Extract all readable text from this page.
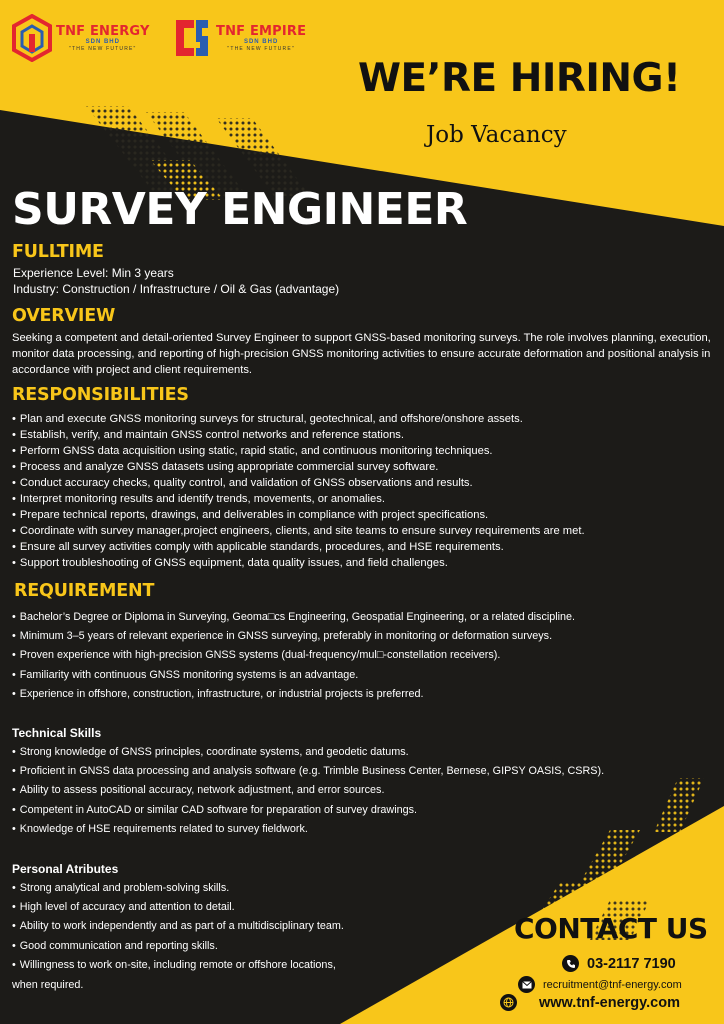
TNF ENERGY
SDN BHD
"THE NEW FUTURE"
TNF EMPIRE
SDN BHD
"THE NEW FUTURE"
WE’RE HIRING!
Job Vacancy
SURVEY ENGINEER
FULLTIME
Experience Level: Min 3 years
Industry: Construction / Infrastructure / Oil & Gas (advantage)
OVERVIEW
Seeking a competent and detail-oriented Survey Engineer to support GNSS-based monitoring surveys. The role involves planning, execution, monitor data processing, and reporting of high-precision GNSS monitoring activities to ensure accurate deformation and positional analysis in accordance with project and client requirements.
RESPONSIBILITIES
• Plan and execute GNSS monitoring surveys for structural, geotechnical, and offshore/onshore assets.
• Establish, verify, and maintain GNSS control networks and reference stations.
• Perform GNSS data acquisition using static, rapid static, and continuous monitoring techniques.
• Process and analyze GNSS datasets using appropriate commercial survey software.
• Conduct accuracy checks, quality control, and validation of GNSS observations and results.
• Interpret monitoring results and identify trends, movements, or anomalies.
• Prepare technical reports, drawings, and deliverables in compliance with project specifications.
• Coordinate with survey manager,project engineers, clients, and site teams to ensure survey requirements are met.
• Ensure all survey activities comply with applicable standards, procedures, and HSE requirements.
• Support troubleshooting of GNSS equipment, data quality issues, and field challenges.
REQUIREMENT
• Bachelor’s Degree or Diploma in Surveying, Geoma□cs Engineering, Geospatial Engineering, or a related discipline.
• Minimum 3–5 years of relevant experience in GNSS surveying, preferably in monitoring or deformation surveys.
• Proven experience with high-precision GNSS systems (dual-frequency/mul□-constellation receivers).
• Familiarity with continuous GNSS monitoring systems is an advantage.
• Experience in offshore, construction, infrastructure, or industrial projects is preferred.
Technical Skills
• Strong knowledge of GNSS principles, coordinate systems, and geodetic datums.
• Proficient in GNSS data processing and analysis software (e.g. Trimble Business Center, Bernese, GIPSY OASIS, CSRS).
• Ability to assess positional accuracy, network adjustment, and error sources.
• Competent in AutoCAD or similar CAD software for preparation of survey drawings.
• Knowledge of HSE requirements related to survey fieldwork.
Personal Atributes
• Strong analytical and problem-solving skills.
• High level of accuracy and attention to detail.
• Ability to work independently and as part of a multidisciplinary team.
• Good communication and reporting skills.
• Willingness to work on-site, including remote or offshore locations,
when required.
CONTACT US
03-2117 7190
recruitment@tnf-energy.com
www.tnf-energy.com
